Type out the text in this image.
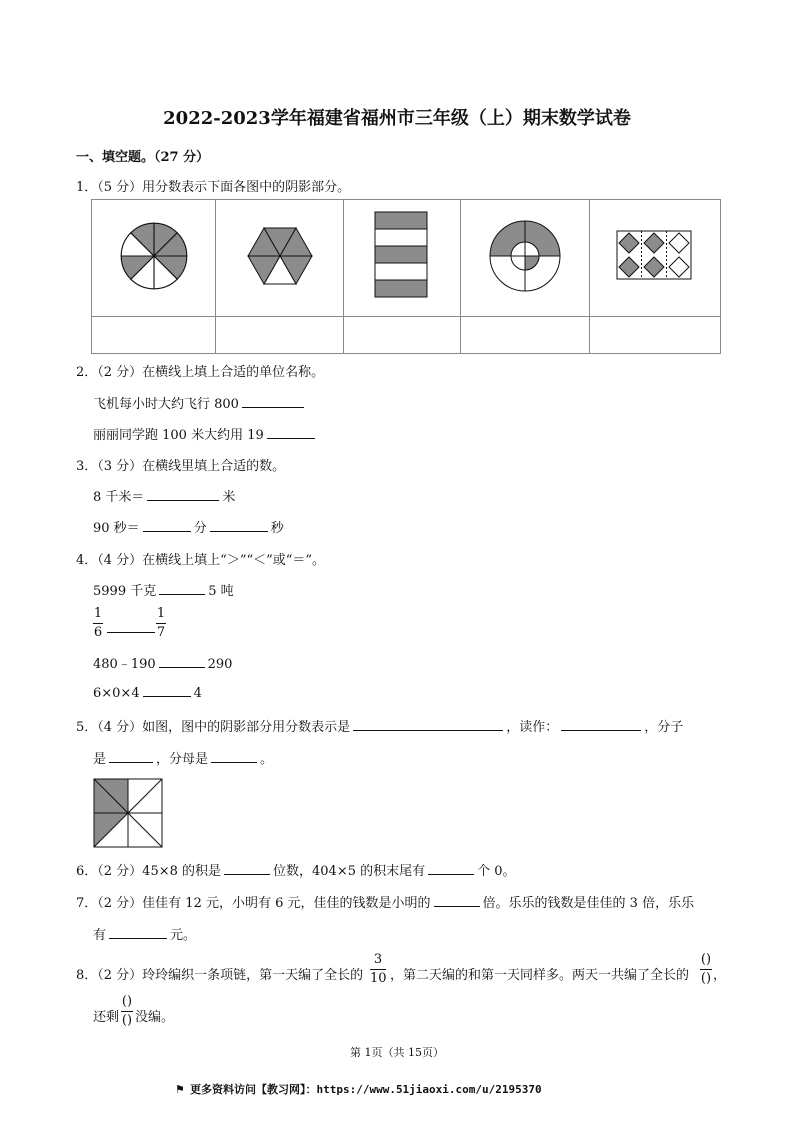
2022-2023学年福建省福州市三年级（上）期末数学试卷
一、填空题。（27 分）
1．（5 分）用分数表示下面各图中的阴影部分。

2．（2 分）在横线上填上合适的单位名称。
飞机每小时大约飞行 800
丽丽同学跑 100 米大约用 19
3．（3 分）在横线里填上合适的数。
8 千米＝	米
90 秒＝	分	秒
4．（4 分）在横线上填上“＞”“＜”或“＝”。
5999 千克	5 吨
1
6
1
7
480﹣190	290
6×0×4	4
5．（4 分）如图，图中的阴影部分用分数表示是	，读作：	，分子
是	，分母是	。
6．（2 分）45×8 的积是	位数，404×5 的积末尾有	个 0。
7．（2 分）佳佳有 12 元，小明有 6 元，佳佳的钱数是小明的	倍。乐乐的钱数是佳佳的 3 倍，乐乐
有	元。
8．（2 分）玲玲编织一条项链，第一天编了全长的
3
10 ，第二天编的和第一天同样多。两天一共编了全长的
()
() ，
还剩
()
() 没编。
第 1页（共 15页）
⚑ 更多资料访问【教习网】：https://www.51jiaoxi.com/u/2195370
